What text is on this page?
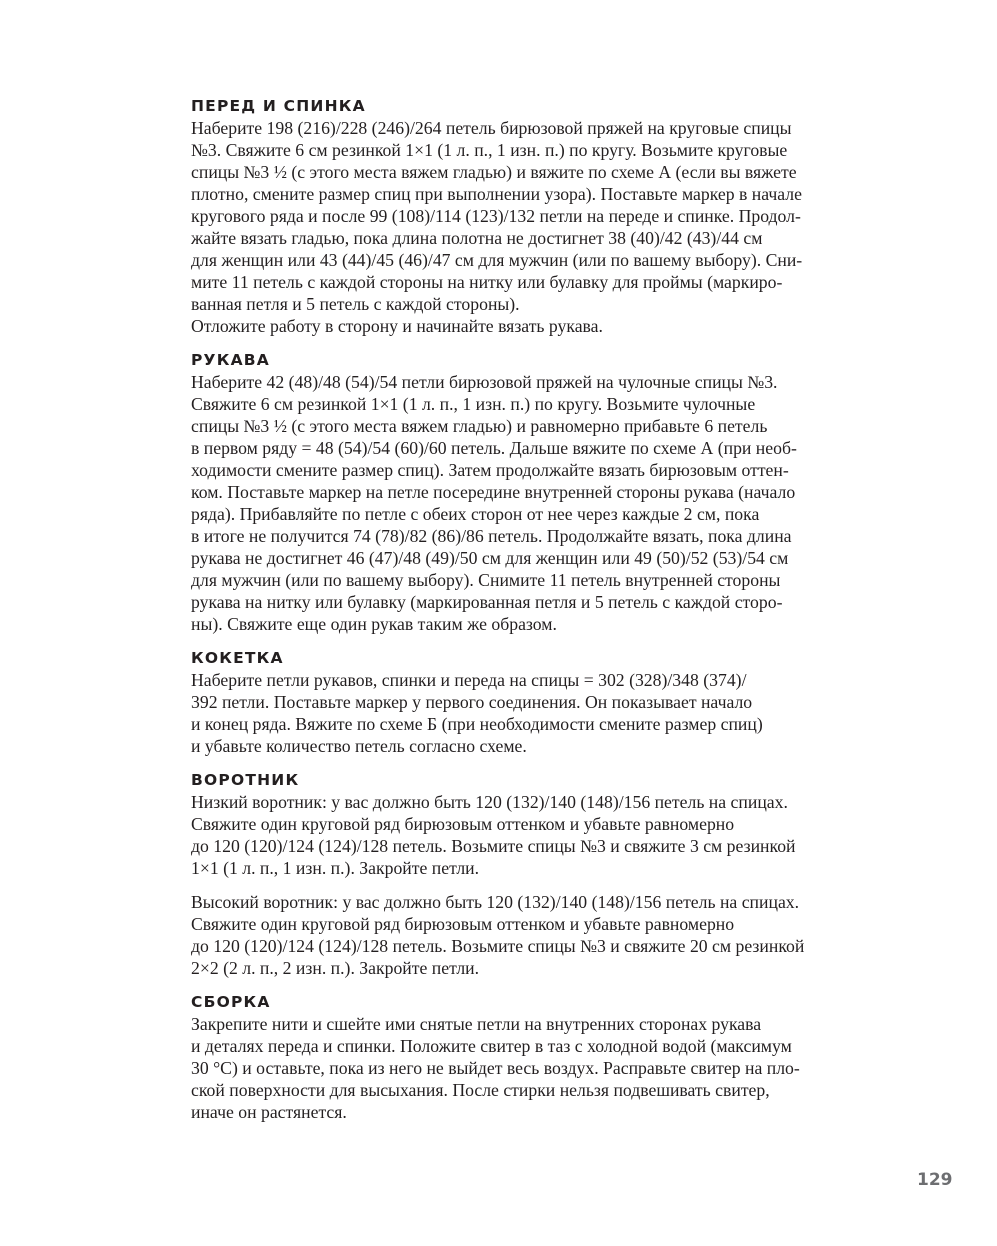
ПЕРЕД И СПИНКА
Наберите 198 (216)/228 (246)/264 петель бирюзовой пряжей на круговые спицы
№3. Свяжите 6 см резинкой 1×1 (1 л. п., 1 изн. п.) по кругу. Возьмите круговые
спицы №3 ½ (с этого места вяжем гладью) и вяжите по схеме А (если вы вяжете
плотно, смените размер спиц при выполнении узора). Поставьте маркер в начале
кругового ряда и после 99 (108)/114 (123)/132 петли на переде и спинке. Продол-
жайте вязать гладью, пока длина полотна не достигнет 38 (40)/42 (43)/44 см
для женщин или 43 (44)/45 (46)/47 см для мужчин (или по вашему выбору). Сни-
мите 11 петель с каждой стороны на нитку или булавку для проймы (маркиро-
ванная петля и 5 петель с каждой стороны).
Отложите работу в сторону и начинайте вязать рукава.
РУКАВА
Наберите 42 (48)/48 (54)/54 петли бирюзовой пряжей на чулочные спицы №3.
Свяжите 6 см резинкой 1×1 (1 л. п., 1 изн. п.) по кругу. Возьмите чулочные
спицы №3 ½ (с этого места вяжем гладью) и равномерно прибавьте 6 петель
в первом ряду = 48 (54)/54 (60)/60 петель. Дальше вяжите по схеме А (при необ-
ходимости смените размер спиц). Затем продолжайте вязать бирюзовым оттен-
ком. Поставьте маркер на петле посередине внутренней стороны рукава (начало
ряда). Прибавляйте по петле с обеих сторон от нее через каждые 2 см, пока
в итоге не получится 74 (78)/82 (86)/86 петель. Продолжайте вязать, пока длина
рукава не достигнет 46 (47)/48 (49)/50 см для женщин или 49 (50)/52 (53)/54 см
для мужчин (или по вашему выбору). Снимите 11 петель внутренней стороны
рукава на нитку или булавку (маркированная петля и 5 петель с каждой сторо-
ны). Свяжите еще один рукав таким же образом.
КОКЕТКА
Наберите петли рукавов, спинки и переда на спицы = 302 (328)/348 (374)/
392 петли. Поставьте маркер у первого соединения. Он показывает начало
и конец ряда. Вяжите по схеме Б (при необходимости смените размер спиц)
и убавьте количество петель согласно схеме.
ВОРОТНИК
Низкий воротник: у вас должно быть 120 (132)/140 (148)/156 петель на спицах.
Свяжите один круговой ряд бирюзовым оттенком и убавьте равномерно
до 120 (120)/124 (124)/128 петель. Возьмите спицы №3 и свяжите 3 см резинкой
1×1 (1 л. п., 1 изн. п.). Закройте петли.
Высокий воротник: у вас должно быть 120 (132)/140 (148)/156 петель на спицах.
Свяжите один круговой ряд бирюзовым оттенком и убавьте равномерно
до 120 (120)/124 (124)/128 петель. Возьмите спицы №3 и свяжите 20 см резинкой
2×2 (2 л. п., 2 изн. п.). Закройте петли.
СБОРКА
Закрепите нити и сшейте ими снятые петли на внутренних сторонах рукава
и деталях переда и спинки. Положите свитер в таз с холодной водой (максимум
30 °C) и оставьте, пока из него не выйдет весь воздух. Расправьте свитер на пло-
ской поверхности для высыхания. После стирки нельзя подвешивать свитер,
иначе он растянется.
129
